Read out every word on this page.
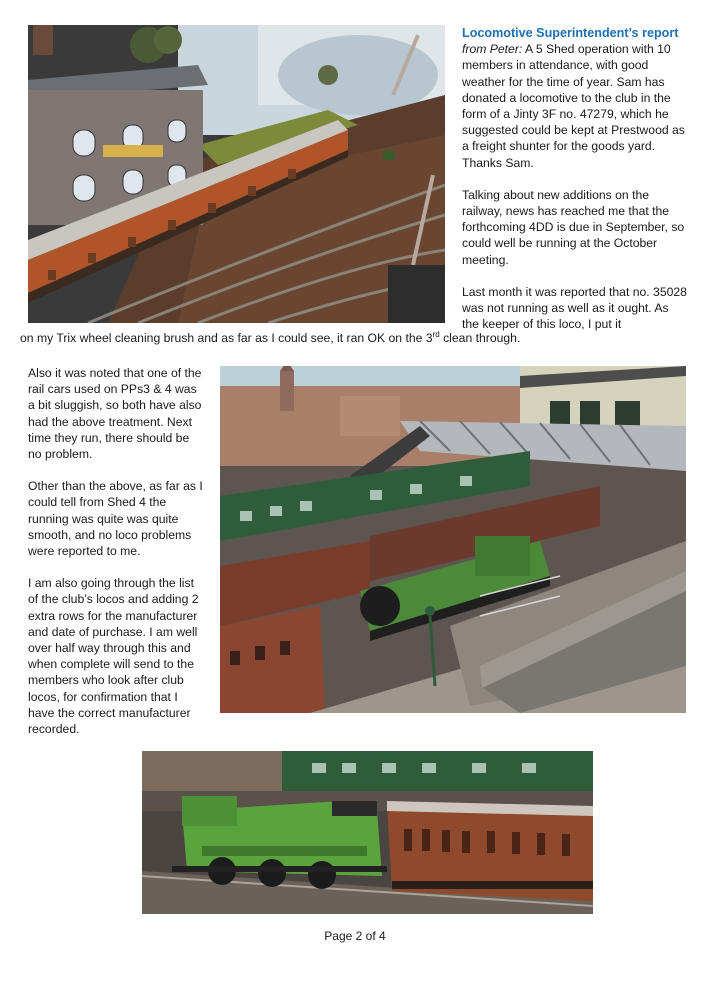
Locomotive Superintendent’s report

from Peter: A 5 Shed operation with 10 members in attendance, with good weather for the time of year. Sam has donated a locomotive to the club in the form of a Jinty 3F no. 47279, which he suggested could be kept at Prestwood as a freight shunter for the goods yard. Thanks Sam.

Talking about new additions on the railway, news has reached me that the forthcoming 4DD is due in September, so could well be running at the October meeting.

Last month it was reported that no. 35028 was not running as well as it ought. As the keeper of this loco, I put it

on my Trix wheel cleaning brush and as far as I could see, it ran OK on the 3rd clean through.

Also it was noted that one of the rail cars used on PPs3 & 4 was a bit sluggish, so both have also had the above treatment. Next time they run, there should be no problem.

Other than the above, as far as I could tell from Shed 4 the running was quite was quite smooth, and no loco problems were reported to me.

I am also going through the list of the club’s locos and adding 2 extra rows for the manufacturer and date of purchase. I am well over half way through this and when complete will send to the members who look after club locos, for confirmation that I have the correct manufacturer recorded.

Page 2 of 4
